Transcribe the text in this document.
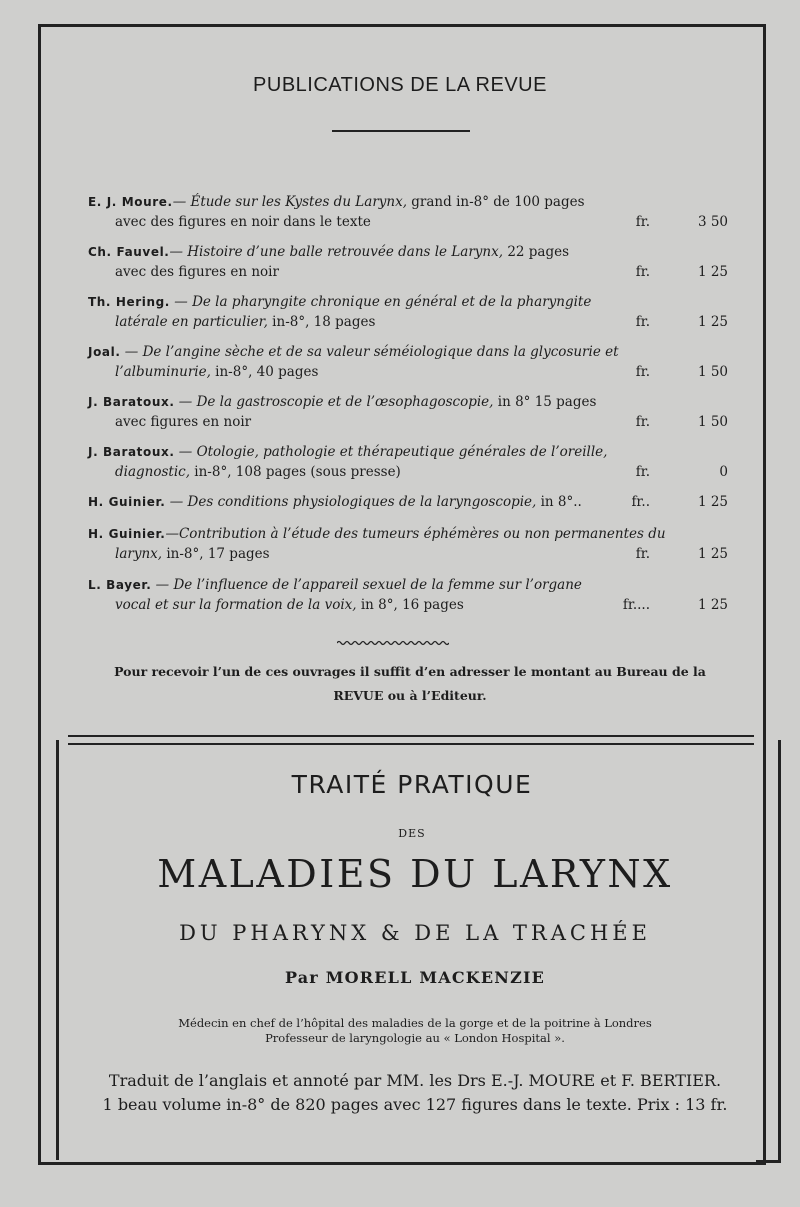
PUBLICATIONS DE LA REVUE
E. J. Moure.— Étude sur les Kystes du Larynx, grand in-8° de 100 pages
avec des figures en noir dans le texte	fr.	3 50
Ch. Fauvel.— Histoire d’une balle retrouvée dans le Larynx, 22 pages
avec des figures en noir	fr.	1 25
Th. Hering. — De la pharyngite chronique en général et de la pharyngite
latérale en particulier, in-8°, 18 pages	fr.	1 25
Joal. — De l’angine sèche et de sa valeur séméiologique dans la glycosurie et
l’albuminurie, in-8°, 40 pages	fr.	1 50
J. Baratoux. — De la gastroscopie et de l’œsophagoscopie, in 8° 15 pages
avec figures en noir	fr.	1 50
J. Baratoux. — Otologie, pathologie et thérapeutique générales de l’oreille,
diagnostic, in-8°, 108 pages (sous presse)	fr.	0
H. Guinier. — Des conditions physiologiques de la laryngoscopie, in 8°..	fr..	1 25
H. Guinier.—Contribution à l’étude des tumeurs éphémères ou non permanentes du
larynx, in-8°, 17 pages	fr.	1 25
L. Bayer. — De l’influence de l’appareil sexuel de la femme sur l’organe
vocal et sur la formation de la voix, in 8°, 16 pages	fr....	1 25
Pour recevoir l’un de ces ouvrages il suffit d’en adresser le montant au Bureau de la
REVUE ou à l’Editeur.
TRAITÉ PRATIQUE
DES
MALADIES DU LARYNX
DU PHARYNX & DE LA TRACHÉE
Par MORELL MACKENZIE
Médecin en chef de l’hôpital des maladies de la gorge et de la poitrine à Londres
Professeur de laryngologie au « London Hospital ».
Traduit de l’anglais et annoté par MM. les Drs E.-J. MOURE et F. BERTIER.
1 beau volume in-8° de 820 pages avec 127 figures dans le texte. Prix : 13 fr.
